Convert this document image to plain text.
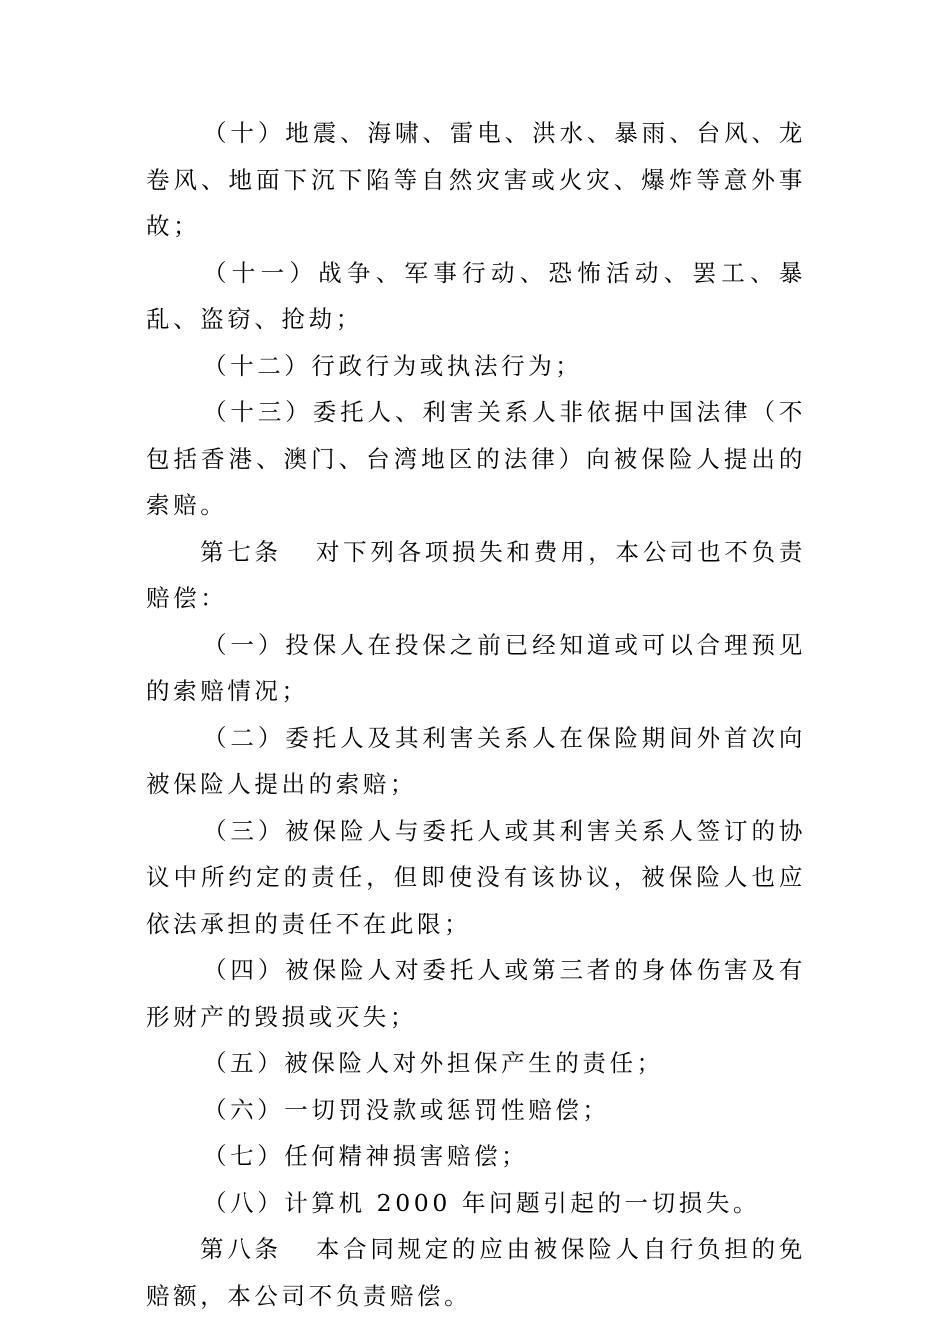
（十）地震、海啸、雷电、洪水、暴雨、台风、龙卷风、地面下沉下陷等自然灾害或火灾、爆炸等意外事故；

（十一）战争、军事行动、恐怖活动、罢工、暴乱、盗窃、抢劫；

（十二）行政行为或执法行为；

（十三）委托人、利害关系人非依据中国法律（不包括香港、澳门、台湾地区的法律）向被保险人提出的索赔。

第七条 对下列各项损失和费用，本公司也不负责赔偿：

（一）投保人在投保之前已经知道或可以合理预见的索赔情况；

（二）委托人及其利害关系人在保险期间外首次向被保险人提出的索赔；

（三）被保险人与委托人或其利害关系人签订的协议中所约定的责任，但即使没有该协议，被保险人也应依法承担的责任不在此限；

（四）被保险人对委托人或第三者的身体伤害及有形财产的毁损或灭失；

（五）被保险人对外担保产生的责任；

（六）一切罚没款或惩罚性赔偿；

（七）任何精神损害赔偿；

（八）计算机 2000 年问题引起的一切损失。

第八条 本合同规定的应由被保险人自行负担的免赔额，本公司不负责赔偿。
